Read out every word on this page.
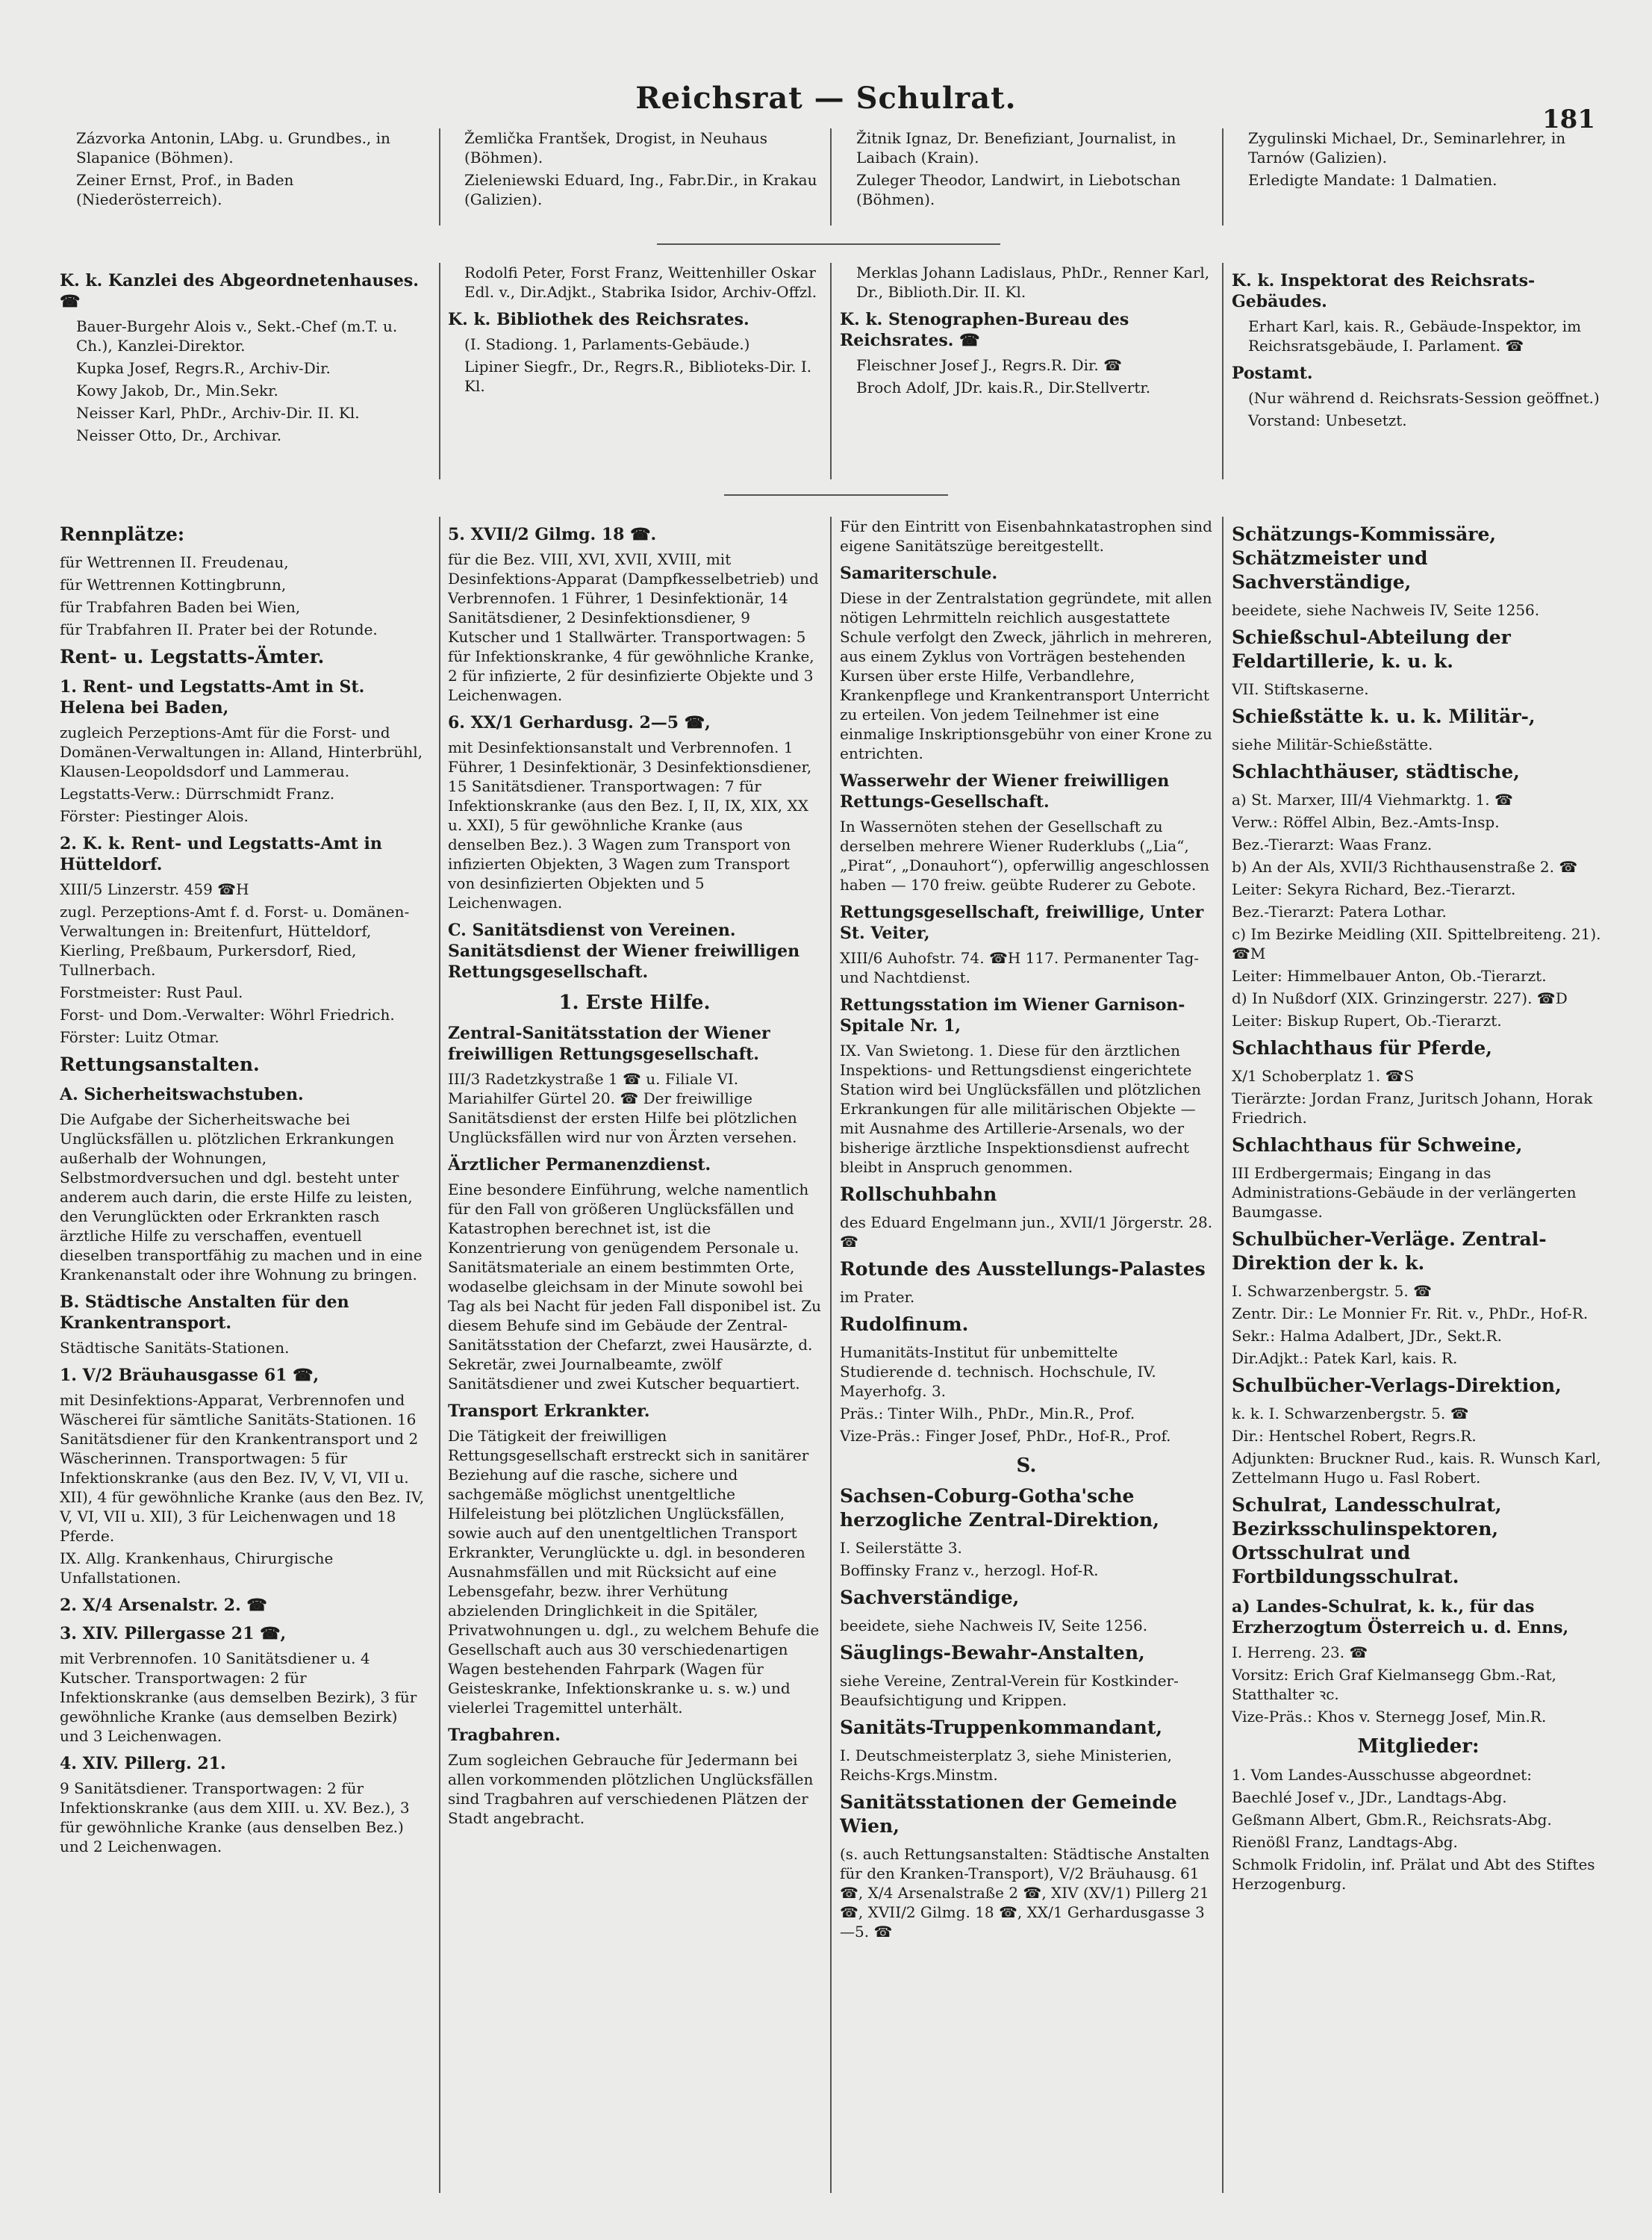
Reichsrat — Schulrat.
181

Zázvorka Antonin, LAbg. u. Grundbes., in Slapanice (Böhmen).

Zeiner Ernst, Prof., in Baden (Niederösterreich).

Žemlička Frantšek, Drogist, in Neuhaus (Böhmen).

Zieleniewski Eduard, Ing., Fabr.Dir., in Krakau (Galizien).

Žitnik Ignaz, Dr. Benefiziant, Journalist, in Laibach (Krain).

Zuleger Theodor, Landwirt, in Liebotschan (Böhmen).

Zygulinski Michael, Dr., Seminarlehrer, in Tarnów (Galizien).

Erledigte Mandate: 1 Dalmatien.

K. k. Kanzlei des Abgeordnetenhauses. ☎

Bauer-Burgehr Alois v., Sekt.-Chef (m.T. u. Ch.), Kanzlei-Direktor.

Kupka Josef, Regrs.R., Archiv-Dir.

Kowy Jakob, Dr., Min.Sekr.

Neisser Karl, PhDr., Archiv-Dir. II. Kl.

Neisser Otto, Dr., Archivar.

Rodolfi Peter, Forst Franz, Weittenhiller Oskar Edl. v., Dir.Adjkt., Stabrika Isidor, Archiv-Offzl.

K. k. Bibliothek des Reichsrates.

(I. Stadiong. 1, Parlaments-Gebäude.)

Lipiner Siegfr., Dr., Regrs.R., Biblioteks-Dir. I. Kl.

Merklas Johann Ladislaus, PhDr., Renner Karl, Dr., Biblioth.Dir. II. Kl.

K. k. Stenographen-Bureau des Reichsrates. ☎

Fleischner Josef J., Regrs.R. Dir. ☎

Broch Adolf, JDr. kais.R., Dir.Stellvertr.

K. k. Inspektorat des Reichsrats-Gebäudes.

Erhart Karl, kais. R., Gebäude-Inspektor, im Reichsratsgebäude, I. Parlament. ☎

Postamt.

(Nur während d. Reichsrats-Session geöffnet.)

Vorstand: Unbesetzt.

Rennplätze:

für Wettrennen II. Freudenau,

für Wettrennen Kottingbrunn,

für Trabfahren Baden bei Wien,

für Trabfahren II. Prater bei der Rotunde.

Rent- u. Legstatts-Ämter.

1. Rent- und Legstatts-Amt in St. Helena bei Baden,

zugleich Perzeptions-Amt für die Forst- und Domänen-Verwaltungen in: Alland, Hinterbrühl, Klausen-Leopoldsdorf und Lammerau.

Legstatts-Verw.: Dürrschmidt Franz.

Förster: Piestinger Alois.

2. K. k. Rent- und Legstatts-Amt in Hütteldorf.

XIII/5 Linzerstr. 459 ☎H

zugl. Perzeptions-Amt f. d. Forst- u. Domänen-Verwaltungen in: Breitenfurt, Hütteldorf, Kierling, Preßbaum, Purkersdorf, Ried, Tullnerbach.

Forstmeister: Rust Paul.

Forst- und Dom.-Verwalter: Wöhrl Friedrich.

Förster: Luitz Otmar.

Rettungsanstalten.

A. Sicherheitswachstuben.

Die Aufgabe der Sicherheitswache bei Unglücksfällen u. plötzlichen Erkrankungen außerhalb der Wohnungen, Selbstmordversuchen und dgl. besteht unter anderem auch darin, die erste Hilfe zu leisten, den Verunglückten oder Erkrankten rasch ärztliche Hilfe zu verschaffen, eventuell dieselben transportfähig zu machen und in eine Krankenanstalt oder ihre Wohnung zu bringen.

B. Städtische Anstalten für den Krankentransport.

Städtische Sanitäts-Stationen.

1. V/2 Bräuhausgasse 61 ☎,

mit Desinfektions-Apparat, Verbrennofen und Wäscherei für sämtliche Sanitäts-Stationen. 16 Sanitätsdiener für den Krankentransport und 2 Wäscherinnen. Transportwagen: 5 für Infektionskranke (aus den Bez. IV, V, VI, VII u. XII), 4 für gewöhnliche Kranke (aus den Bez. IV, V, VI, VII u. XII), 3 für Leichenwagen und 18 Pferde.

IX. Allg. Krankenhaus, Chirurgische Unfallstationen.

2. X/4 Arsenalstr. 2. ☎

3. XIV. Pillergasse 21 ☎,

mit Verbrennofen. 10 Sanitätsdiener u. 4 Kutscher. Transportwagen: 2 für Infektionskranke (aus demselben Bezirk), 3 für gewöhnliche Kranke (aus demselben Bezirk) und 3 Leichenwagen.

4. XIV. Pillerg. 21.

9 Sanitätsdiener. Transportwagen: 2 für Infektionskranke (aus dem XIII. u. XV. Bez.), 3 für gewöhnliche Kranke (aus denselben Bez.) und 2 Leichenwagen.

5. XVII/2 Gilmg. 18 ☎.

für die Bez. VIII, XVI, XVII, XVIII, mit Desinfektions-Apparat (Dampfkesselbetrieb) und Verbrennofen. 1 Führer, 1 Desinfektionär, 14 Sanitätsdiener, 2 Desinfektionsdiener, 9 Kutscher und 1 Stallwärter. Transportwagen: 5 für Infektionskranke, 4 für gewöhnliche Kranke, 2 für infizierte, 2 für desinfizierte Objekte und 3 Leichenwagen.

6. XX/1 Gerhardusg. 2—5 ☎,

mit Desinfektionsanstalt und Verbrennofen. 1 Führer, 1 Desinfektionär, 3 Desinfektionsdiener, 15 Sanitätsdiener. Transportwagen: 7 für Infektionskranke (aus den Bez. I, II, IX, XIX, XX u. XXI), 5 für gewöhnliche Kranke (aus denselben Bez.). 3 Wagen zum Transport von infizierten Objekten, 3 Wagen zum Transport von desinfizierten Objekten und 5 Leichenwagen.

C. Sanitätsdienst von Vereinen. Sanitätsdienst der Wiener freiwilligen Rettungsgesellschaft.

1. Erste Hilfe.

Zentral-Sanitätsstation der Wiener freiwilligen Rettungsgesellschaft.

III/3 Radetzkystraße 1 ☎ u. Filiale VI. Mariahilfer Gürtel 20. ☎ Der freiwillige Sanitätsdienst der ersten Hilfe bei plötzlichen Unglücksfällen wird nur von Ärzten versehen.

Ärztlicher Permanenzdienst.

Eine besondere Einführung, welche namentlich für den Fall von größeren Unglücksfällen und Katastrophen berechnet ist, ist die Konzentrierung von genügendem Personale u. Sanitätsmateriale an einem bestimmten Orte, wodaselbe gleichsam in der Minute sowohl bei Tag als bei Nacht für jeden Fall disponibel ist. Zu diesem Behufe sind im Gebäude der Zentral-Sanitätsstation der Chefarzt, zwei Hausärzte, d. Sekretär, zwei Journalbeamte, zwölf Sanitätsdiener und zwei Kutscher bequartiert.

Transport Erkrankter.

Die Tätigkeit der freiwilligen Rettungsgesellschaft erstreckt sich in sanitärer Beziehung auf die rasche, sichere und sachgemäße möglichst unentgeltliche Hilfeleistung bei plötzlichen Unglücksfällen, sowie auch auf den unentgeltlichen Transport Erkrankter, Verunglückte u. dgl. in besonderen Ausnahmsfällen und mit Rücksicht auf eine Lebensgefahr, bezw. ihrer Verhütung abzielenden Dringlichkeit in die Spitäler, Privatwohnungen u. dgl., zu welchem Behufe die Gesellschaft auch aus 30 verschiedenartigen Wagen bestehenden Fahrpark (Wagen für Geisteskranke, Infektionskranke u. s. w.) und vielerlei Tragemittel unterhält.

Tragbahren.

Zum sogleichen Gebrauche für Jedermann bei allen vorkommenden plötzlichen Unglücksfällen sind Tragbahren auf verschiedenen Plätzen der Stadt angebracht.

Für den Eintritt von Eisenbahnkatastrophen sind eigene Sanitätszüge bereitgestellt.

Samariterschule.

Diese in der Zentralstation gegründete, mit allen nötigen Lehrmitteln reichlich ausgestattete Schule verfolgt den Zweck, jährlich in mehreren, aus einem Zyklus von Vorträgen bestehenden Kursen über erste Hilfe, Verbandlehre, Krankenpflege und Krankentransport Unterricht zu erteilen. Von jedem Teilnehmer ist eine einmalige Inskriptionsgebühr von einer Krone zu entrichten.

Wasserwehr der Wiener freiwilligen Rettungs-Gesellschaft.

In Wassernöten stehen der Gesellschaft zu derselben mehrere Wiener Ruderklubs („Lia“, „Pirat“, „Donauhort“), opferwillig angeschlossen haben — 170 freiw. geübte Ruderer zu Gebote.

Rettungsgesellschaft, freiwillige, Unter St. Veiter,

XIII/6 Auhofstr. 74. ☎H 117. Permanenter Tag- und Nachtdienst.

Rettungsstation im Wiener Garnison-Spitale Nr. 1,

IX. Van Swietong. 1. Diese für den ärztlichen Inspektions- und Rettungsdienst eingerichtete Station wird bei Unglücksfällen und plötzlichen Erkrankungen für alle militärischen Objekte — mit Ausnahme des Artillerie-Arsenals, wo der bisherige ärztliche Inspektionsdienst aufrecht bleibt in Anspruch genommen.

Rollschuhbahn

des Eduard Engelmann jun., XVII/1 Jörgerstr. 28. ☎

Rotunde des Ausstellungs-Palastes

im Prater.

Rudolfinum.

Humanitäts-Institut für unbemittelte Studierende d. technisch. Hochschule, IV. Mayerhofg. 3.

Präs.: Tinter Wilh., PhDr., Min.R., Prof.

Vize-Präs.: Finger Josef, PhDr., Hof-R., Prof.

S.

Sachsen-Coburg-Gotha'sche herzogliche Zentral-Direktion,

I. Seilerstätte 3.

Boffinsky Franz v., herzogl. Hof-R.

Sachverständige,

beeidete, siehe Nachweis IV, Seite 1256.

Säuglings-Bewahr-Anstalten,

siehe Vereine, Zentral-Verein für Kostkinder-Beaufsichtigung und Krippen.

Sanitäts-Truppenkommandant,

I. Deutschmeisterplatz 3, siehe Ministerien, Reichs-Krgs.Minstm.

Sanitätsstationen der Gemeinde Wien,

(s. auch Rettungsanstalten: Städtische Anstalten für den Kranken-Transport), V/2 Bräuhausg. 61 ☎, X/4 Arsenalstraße 2 ☎, XIV (XV/1) Pillerg 21 ☎, XVII/2 Gilmg. 18 ☎, XX/1 Gerhardusgasse 3—5. ☎

Schätzungs-Kommissäre, Schätzmeister und Sachverständige,

beeidete, siehe Nachweis IV, Seite 1256.

Schießschul-Abteilung der Feldartillerie, k. u. k.

VII. Stiftskaserne.

Schießstätte k. u. k. Militär-,

siehe Militär-Schießstätte.

Schlachthäuser, städtische,

a) St. Marxer, III/4 Viehmarktg. 1. ☎

Verw.: Röffel Albin, Bez.-Amts-Insp.

Bez.-Tierarzt: Waas Franz.

b) An der Als, XVII/3 Richthausenstraße 2. ☎

Leiter: Sekyra Richard, Bez.-Tierarzt.

Bez.-Tierarzt: Patera Lothar.

c) Im Bezirke Meidling (XII. Spittelbreiteng. 21). ☎M

Leiter: Himmelbauer Anton, Ob.-Tierarzt.

d) In Nußdorf (XIX. Grinzingerstr. 227). ☎D

Leiter: Biskup Rupert, Ob.-Tierarzt.

Schlachthaus für Pferde,

X/1 Schoberplatz 1. ☎S

Tierärzte: Jordan Franz, Juritsch Johann, Horak Friedrich.

Schlachthaus für Schweine,

III Erdbergermais; Eingang in das Administrations-Gebäude in der verlängerten Baumgasse.

Schulbücher-Verläge. Zentral-Direktion der k. k.

I. Schwarzenbergstr. 5. ☎

Zentr. Dir.: Le Monnier Fr. Rit. v., PhDr., Hof-R.

Sekr.: Halma Adalbert, JDr., Sekt.R.

Dir.Adjkt.: Patek Karl, kais. R.

Schulbücher-Verlags-Direktion,

k. k. I. Schwarzenbergstr. 5. ☎

Dir.: Hentschel Robert, Regrs.R.

Adjunkten: Bruckner Rud., kais. R. Wunsch Karl, Zettelmann Hugo u. Fasl Robert.

Schulrat, Landesschulrat, Bezirksschulinspektoren, Ortsschulrat und Fortbildungsschulrat.

a) Landes-Schulrat, k. k., für das Erzherzogtum Österreich u. d. Enns,

I. Herreng. 23. ☎

Vorsitz: Erich Graf Kielmansegg Gbm.-Rat, Statthalter ꝛc.

Vize-Präs.: Khos v. Sternegg Josef, Min.R.

Mitglieder:

1. Vom Landes-Ausschusse abgeordnet:

Baechlé Josef v., JDr., Landtags-Abg.

Geßmann Albert, Gbm.R., Reichsrats-Abg.

Rienößl Franz, Landtags-Abg.

Schmolk Fridolin, inf. Prälat und Abt des Stiftes Herzogenburg.
